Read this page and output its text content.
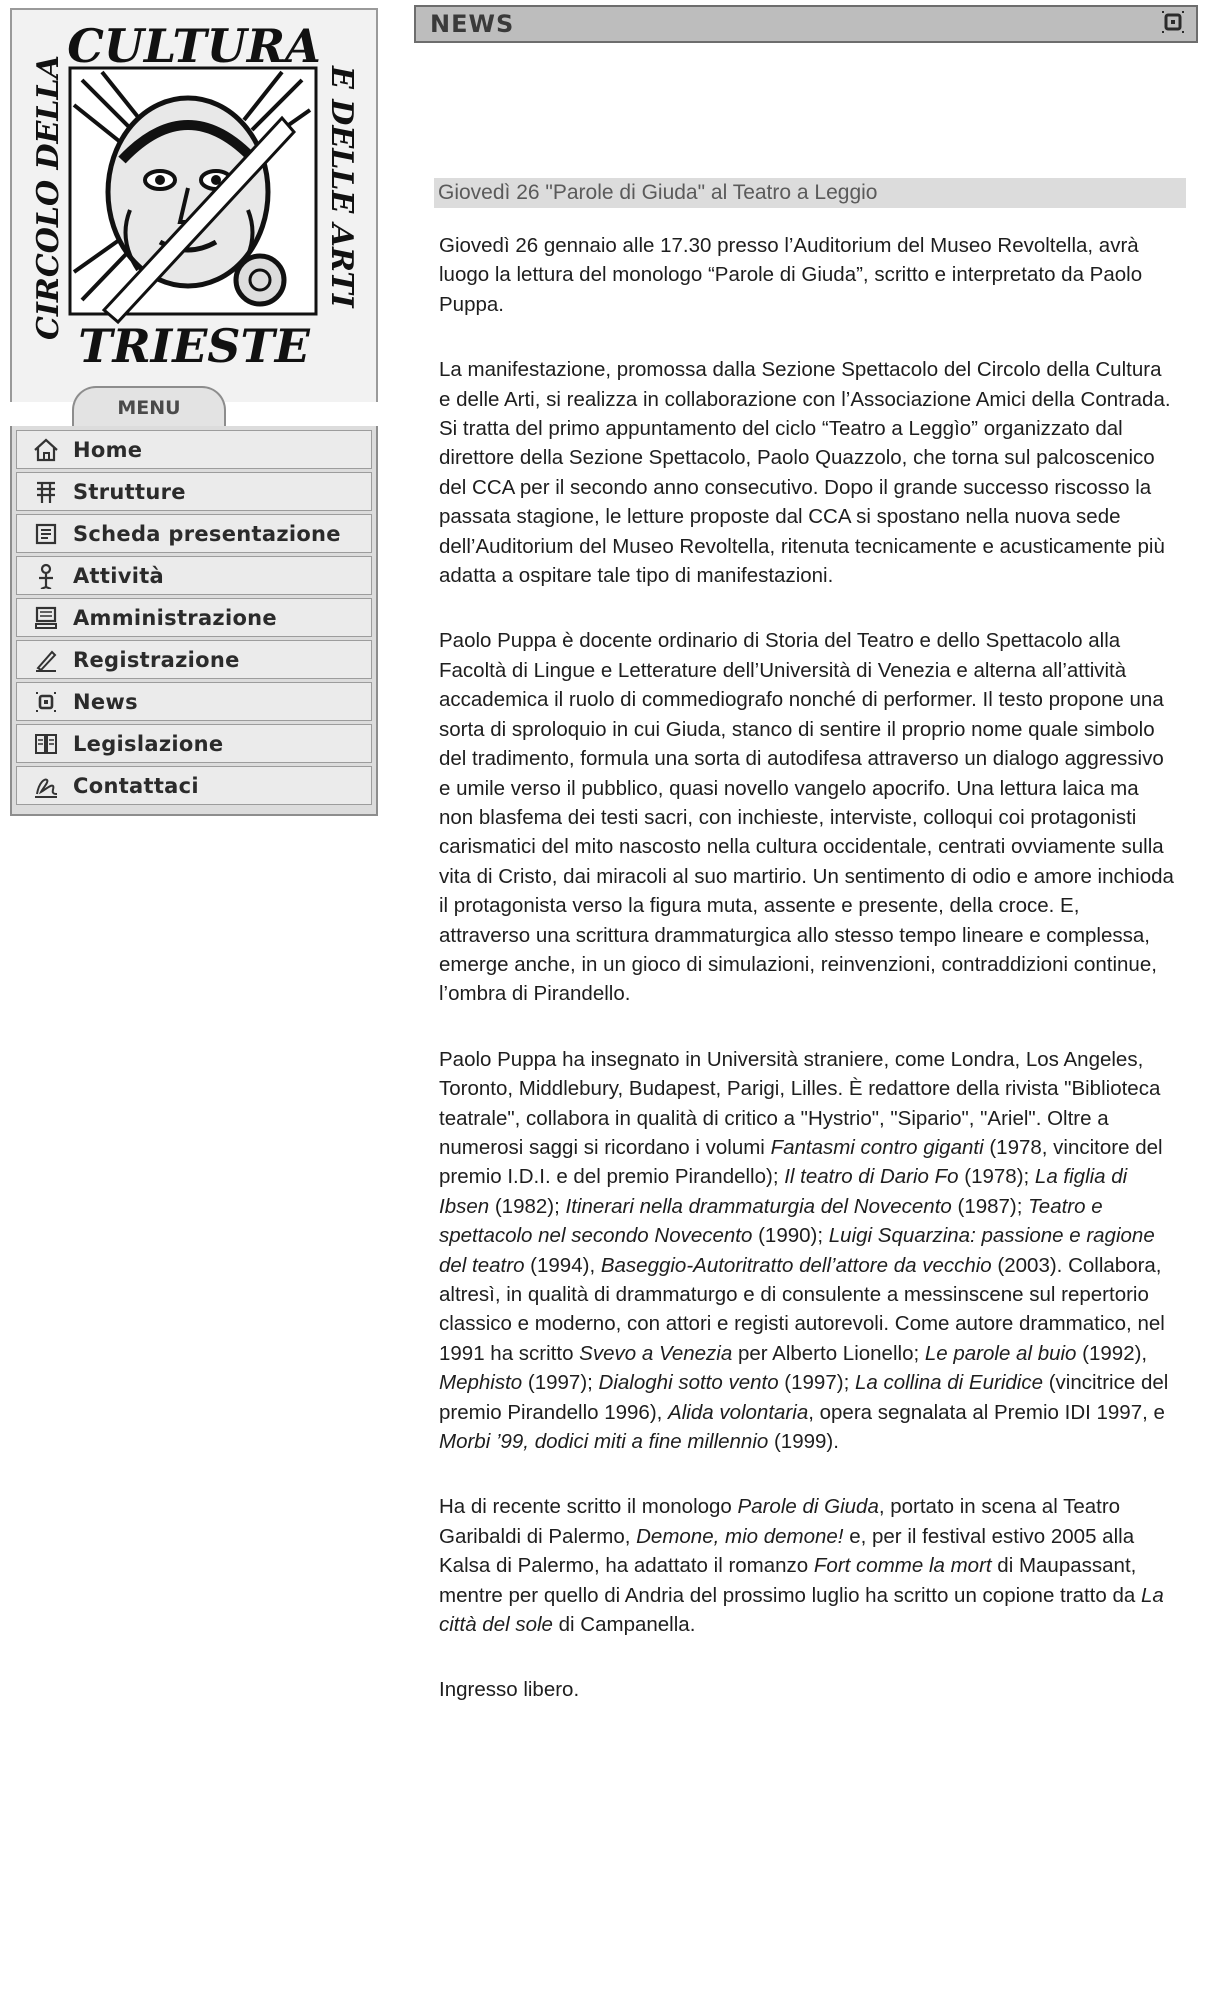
CULTURA
TRIESTE
CIRCOLO DELLA	E DELLE ARTI
MENU
Home
Strutture
Scheda presentazione
Attività
Amministrazione
Registrazione
News
Legislazione
Contattaci
NEWS
Giovedì 26 "Parole di Giuda" al Teatro a Leggio

Giovedì 26 gennaio alle 17.30 presso l’Auditorium del Museo Revoltella, avrà luogo la lettura del monologo “Parole di Giuda”, scritto e interpretato da Paolo Puppa.

La manifestazione, promossa dalla Sezione Spettacolo del Circolo della Cultura e delle Arti, si realizza in collaborazione con l’Associazione Amici della Contrada. Si tratta del primo appuntamento del ciclo “Teatro a Leggìo” organizzato dal direttore della Sezione Spettacolo, Paolo Quazzolo, che torna sul palcoscenico del CCA per il secondo anno consecutivo. Dopo il grande successo riscosso la passata stagione, le letture proposte dal CCA si spostano nella nuova sede dell’Auditorium del Museo Revoltella, ritenuta tecnicamente e acusticamente più adatta a ospitare tale tipo di manifestazioni.

Paolo Puppa è docente ordinario di Storia del Teatro e dello Spettacolo alla Facoltà di Lingue e Letterature dell’Università di Venezia e alterna all’attività accademica il ruolo di commediografo nonché di performer. Il testo propone una sorta di sproloquio in cui Giuda, stanco di sentire il proprio nome quale simbolo del tradimento, formula una sorta di autodifesa attraverso un dialogo aggressivo e umile verso il pubblico, quasi novello vangelo apocrifo. Una lettura laica ma non blasfema dei testi sacri, con inchieste, interviste, colloqui coi protagonisti carismatici del mito nascosto nella cultura occidentale, centrati ovviamente sulla vita di Cristo, dai miracoli al suo martirio. Un sentimento di odio e amore inchioda il protagonista verso la figura muta, assente e presente, della croce. E, attraverso una scrittura drammaturgica allo stesso tempo lineare e complessa, emerge anche, in un gioco di simulazioni, reinvenzioni, contraddizioni continue, l’ombra di Pirandello.

Paolo Puppa ha insegnato in Università straniere, come Londra, Los Angeles, Toronto, Middlebury, Budapest, Parigi, Lilles. È redattore della rivista "Biblioteca teatrale", collabora in qualità di critico a "Hystrio", "Sipario", "Ariel". Oltre a numerosi saggi si ricordano i volumi Fantasmi contro giganti (1978, vincitore del premio I.D.I. e del premio Pirandello); Il teatro di Dario Fo (1978); La figlia di Ibsen (1982); Itinerari nella drammaturgia del Novecento (1987); Teatro e spettacolo nel secondo Novecento (1990); Luigi Squarzina: passione e ragione del teatro (1994), Baseggio-Autoritratto dell’attore da vecchio (2003). Collabora, altresì, in qualità di drammaturgo e di consulente a messinscene sul repertorio classico e moderno, con attori e registi autorevoli. Come autore drammatico, nel 1991 ha scritto Svevo a Venezia per Alberto Lionello; Le parole al buio (1992), Mephisto (1997); Dialoghi sotto vento (1997); La collina di Euridice (vincitrice del premio Pirandello 1996), Alida volontaria, opera segnalata al Premio IDI 1997, e Morbi ’99, dodici miti a fine millennio (1999).

Ha di recente scritto il monologo Parole di Giuda, portato in scena al Teatro Garibaldi di Palermo, Demone, mio demone! e, per il festival estivo 2005 alla Kalsa di Palermo, ha adattato il romanzo Fort comme la mort di Maupassant, mentre per quello di Andria del prossimo luglio ha scritto un copione tratto da La città del sole di Campanella.

Ingresso libero.
